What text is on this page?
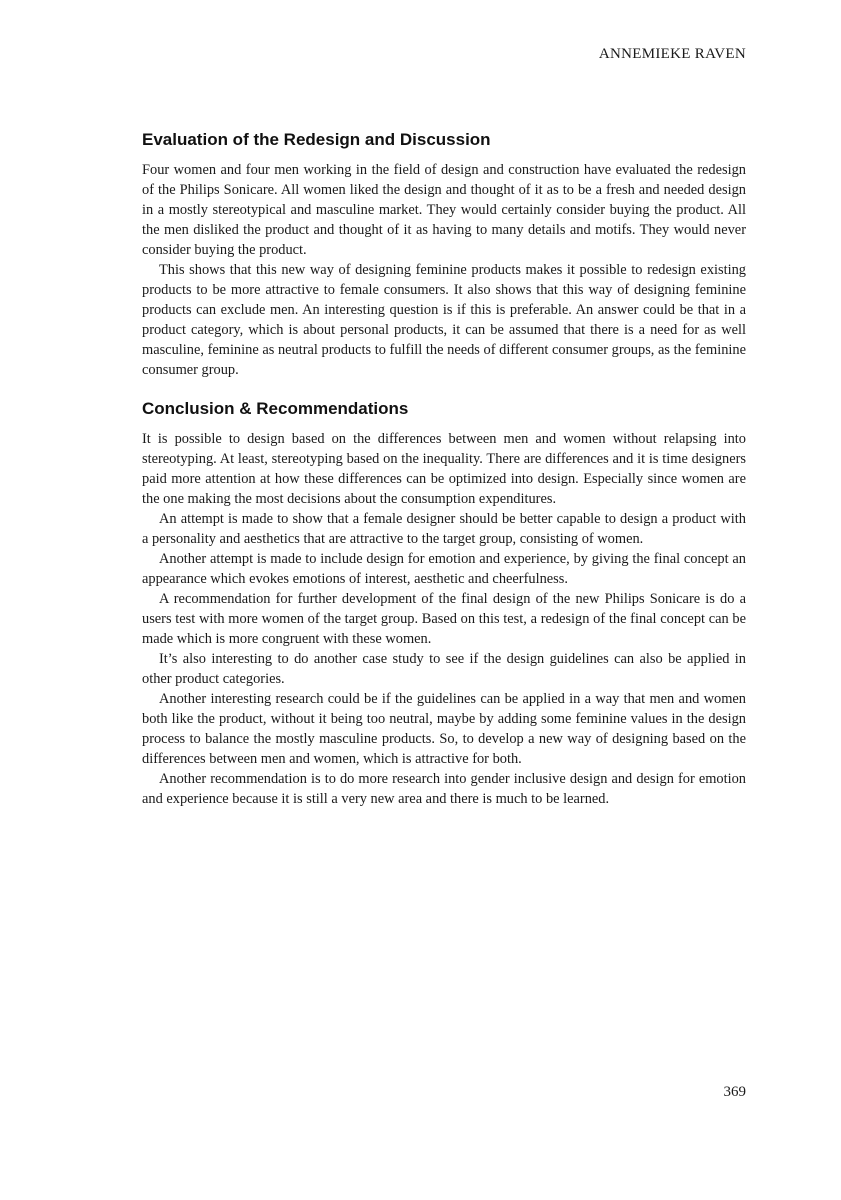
ANNEMIEKE RAVEN
Evaluation of the Redesign and Discussion

Four women and four men working in the field of design and construction have evaluated the redesign of the Philips Sonicare. All women liked the design and thought of it as to be a fresh and needed design in a mostly stereotypical and masculine market. They would certainly consider buying the product. All the men disliked the product and thought of it as having to many details and motifs. They would never consider buying the product.

This shows that this new way of designing feminine products makes it possible to redesign existing products to be more attractive to female consumers. It also shows that this way of designing feminine products can exclude men. An interesting question is if this is preferable. An answer could be that in a product category, which is about personal products, it can be assumed that there is a need for as well masculine, feminine as neutral products to fulfill the needs of different consumer groups, as the feminine consumer group.

Conclusion & Recommendations

It is possible to design based on the differences between men and women without relapsing into stereotyping. At least, stereotyping based on the inequality. There are differences and it is time designers paid more attention at how these differences can be optimized into design. Especially since women are the one making the most decisions about the consumption expenditures.

An attempt is made to show that a female designer should be better capable to design a product with a personality and aesthetics that are attractive to the target group, consisting of women.

Another attempt is made to include design for emotion and experience, by giving the final concept an appearance which evokes emotions of interest, aesthetic and cheerfulness.

A recommendation for further development of the final design of the new Philips Sonicare is do a users test with more women of the target group. Based on this test, a redesign of the final concept can be made which is more congruent with these women.

It’s also interesting to do another case study to see if the design guidelines can also be applied in other product categories.

Another interesting research could be if the guidelines can be applied in a way that men and women both like the product, without it being too neutral, maybe by adding some feminine values in the design process to balance the mostly masculine products. So, to develop a new way of designing based on the differences between men and women, which is attractive for both.

Another recommendation is to do more research into gender inclusive design and design for emotion and experience because it is still a very new area and there is much to be learned.

369
